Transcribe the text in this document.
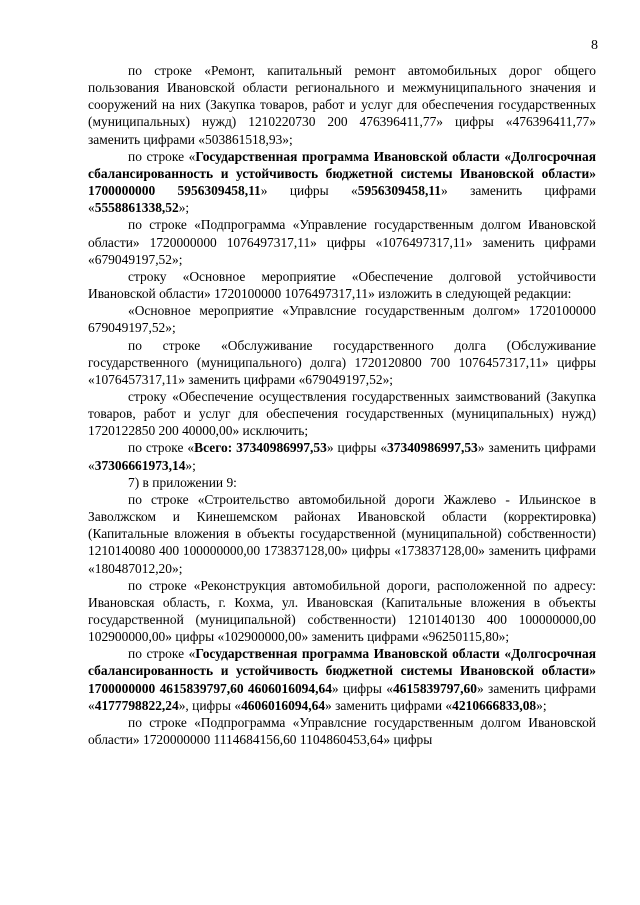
8

по строке «Ремонт, капитальный ремонт автомобильных дорог общего пользования Ивановской области регионального и межмуниципального значения и сооружений на них (Закупка товаров, работ и услуг для обеспечения государственных (муниципальных) нужд) 1210220730 200 476396411,77» цифры «476396411,77» заменить цифрами «503861518,93»;

по строке «Государственная программа Ивановской области «Долгосрочная сбалансированность и устойчивость бюджетной системы Ивановской области» 1700000000 5956309458,11» цифры «5956309458,11» заменить цифрами «5558861338,52»;

по строке «Подпрограмма «Управление государственным долгом Ивановской области» 1720000000 1076497317,11» цифры «1076497317,11» заменить цифрами «679049197,52»;

строку «Основное мероприятие «Обеспечение долговой устойчивости Ивановской области» 1720100000 1076497317,11» изложить в следующей редакции:

«Основное мероприятие «Управлсние государственным долгом» 1720100000 679049197,52»;

по строке «Обслуживание государственного долга (Обслуживание государственного (муниципального) долга) 1720120800 700 1076457317,11» цифры «1076457317,11» заменить цифрами «679049197,52»;

строку «Обеспечение осуществления государственных заимствований (Закупка товаров, работ и услуг для обеспечения государственных (муниципальных) нужд) 1720122850 200 40000,00» исключить;

по строке «Всего: 37340986997,53» цифры «37340986997,53» заменить цифрами «37306661973,14»;

7) в приложении 9:

по строке «Строительство автомобильной дороги Жажлево - Ильинское в Заволжском и Кинешемском районах Ивановской области (корректировка) (Капитальные вложения в объекты государственной (муниципальной) собственности) 1210140080 400 100000000,00 173837128,00» цифры «173837128,00» заменить цифрами «180487012,20»;

по строке «Реконструкция автомобильной дороги, расположенной по адресу: Ивановская область, г. Кохма, ул. Ивановская (Капитальные вложения в объекты государственной (муниципальной) собственности) 1210140130 400 100000000,00 102900000,00» цифры «102900000,00» заменить цифрами «96250115,80»;

по строке «Государственная программа Ивановской области «Долгосрочная сбалансированность и устойчивость бюджетной системы Ивановской области» 1700000000 4615839797,60 4606016094,64» цифры «4615839797,60» заменить цифрами «4177798822,24», цифры «4606016094,64» заменить цифрами «4210666833,08»;

по строке «Подпрограмма «Управлсние государственным долгом Ивановской области» 1720000000 1114684156,60 1104860453,64» цифры
